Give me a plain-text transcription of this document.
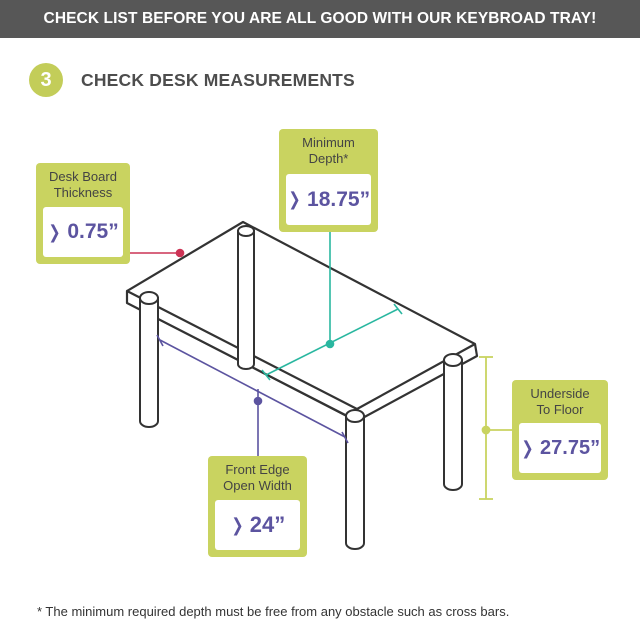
CHECK LIST BEFORE YOU ARE ALL GOOD WITH OUR KEYBROAD TRAY!
3	CHECK DESK MEASUREMENTS
Desk Board
Thickness
❯ 0.75”
Minimum
Depth*
❯ 18.75”
Underside
To Floor
❯ 27.75”
Front Edge
Open Width
❯ 24”
* The minimum required depth must be free from any obstacle such as cross bars.
